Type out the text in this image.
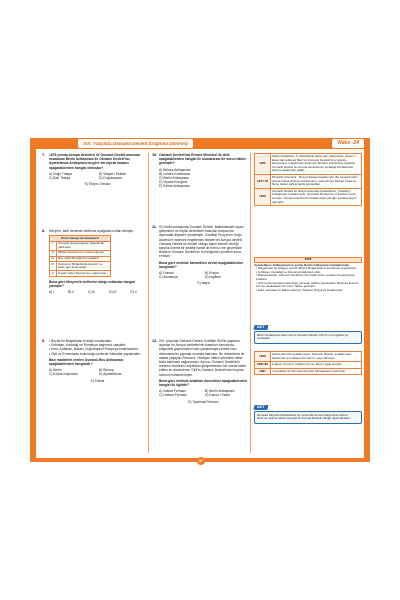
XIX. Yüzyılda Osmanlı Devleti (Dağılma Dönemi)	Video -24
7. 1878 yılında Avrupa devletleri ile Osmanlı Devleti arasında imzalanan Berlin Antlaşması ile Osmanlı Devleti'nin, Ayastefanos Antlaşması'na göre tek toprak kazancı aşağıdakilerden hangisi olmuştur?
A) Doğu Trakya	B) Vilayet-i Selâse
C) Batı Trakya	D) Doğubayazıt
E) Elviye-i Selase
8. Meryem, tarih dersinde defterine aşağıdaki notları almıştır.
Kırım Savaşı'nın Nedenleri	
I.	Osmanlı donanmasının Navarin'de yakılması
II.	Mülteci Sorunu'nun ortaya çıkması
III.	Rus elçisi Mençikof'un isteklerİ
IV.	Rusya'nın Boğazlarda kayıtsız ve kalıcı geri alma isteği
V.	Kutsal Yerler Sorunu'nun yaşanması
Buna göre Meryem'in defterine aldığı notlardan hangisi yanlıştır?
A) I	B) II	C) III	D) IV	E) V
9.	• Büyük bir Bulgaristan Krallığı kurulacaktır.
• Sırbistan, Karadağ ve Romanya bağımsız olacaktır.
• Kars, Ardahan, Batum, Doğubayazıt Rusya'ya bırakılacaktır.
• Girit ve Ermenistan bulunduğu yerlerde ıslahatlar yapılacaktır.
Bazı maddeleri verilen Osmanlı-Rus Antlaşması aşağıdakilerden hangisidir?
A) Berlin	B) Bükreş
C) Küçük Kaynarca	D) Ayastefanos
E) Edirne
10. Osmanlı Devleti'nde Ermeni Meselesi ilk defa aşağıdakilerden hangisi ile uluslararası bir sorun hâline gelmiştir?
A) Bükreş Antlaşması
B) Londra Konferansı
C) Berlin Antlaşması
D) Viyana Kongresi
E) Edirne Antlaşması
11. 93 Harbi sonrasında Osmanlı Devleti, Balkanlardaki siyasi gelişmeler ve büyük devletlerin baskıları karşısında diplomatik ilişkilere yönelmiştir. Özellikle Rusya'nın Doğu Akdeniz'e inmesini engellemek isteyen bir Avrupa devleti, Osmanlı Devleti'ne destek olduğu kabul ederek verdiği karşılık önemli bir strateji hamle ile Kıbrıs'ı ele geçirmiştir. Böylece Osmanlı Devleti'nin bu bölgedeki yönetimi sona ermiştir.
Buna göre metinde bahsedilen devlet aşağıdakilerden hangisidir?
A) Fransa	B) Rusya
C) Avusturya	D) İngiltere
E) İtalya
12. XIX. yüzyılda Osmanlı Devleti, özellikle Girit'te yaşanan isyanlar ve Avrupa devletlerinin baskıları karşısında, bölgedeki gayrimüslim halkı yatıştırmaya yönelik bazı düzenlemeler yapmak zorunda kalmıştır. Bu düzenleme ile adada yaşayan Rumlar'a, Hristiyan halkın yönetime daha fazla katılması sağlanmıştır. Ayrıca, Osmanlı Devleti'nin merkezi otoritesini zayıflatan gelişmelerden biri olarak kabul edilen bu düzenleme, Girit'in Osmanlı Devleti'nden kopma sürecini hızlandırmıştır.
Buna göre metinde anlatılan düzenleme aşağıdakilerden hangisi ile ilgilidir?
A) Islahat Fermanı	B) Berlin Antlaşması
C) Halepa Fermanı	D) Kanun-i Esasi
E) Tanzimat Fermanı
1876	Sultan Abdülaziz, II. Abdülhamit tahta çıktı. Meşrutiyet, Kanun-i Esasi ilan edilerek Batı'nın Osmanlı Devleti'nin iç işlerine karışmasını engellemek amacıyla Tersane Konferansı toplandı. Osmanlı Devleti ile Avrupa devletlerinin topladığı konferansta Kanun-i Esasi ilan edildi.
1877-78	93 Harbi (Osmanlı - Rusya Savaşı) başlamıştır. Bu savaşta Gazi Osman Paşa (Plevne Kahramanı), Gazi Ahmet Muhtar Paşa ve Nene Hatun kahramanlık gösterdiler.
1878	Osmanlı Devleti ile Rusya arasında Ayastefanos, (Yeşilköy) Antlaşması imzalanmıştır. (Osmanlı Devleti'nin imzalanan sona ermiştir. Osmanlı Devleti bu antlaşmayla çok ağır şartlara boyun eğmiştir.)
1878
Ayastefanos Antlaşması'nın yerine Berlin Antlaşması imzalanmıştır.
• Bulgaristan üç bölgeye ayrıldı (Büyük Bulgaristan'ın kurulması engellendi).
• Sırbistan, Karadağ ve Romanya bağımsız oldu.
• Bosna-Hersek, Osmanlı Devleti'ne ait olmak üzere yönetimi Avusturya'ya bırakıldı.
• Girit ve Ermenistan bulunduğu yerlerde ıslahat yapılacaktır. Böylece Ermeni sorunu uluslararası bir sorun hâline gelmiştir.
• Kars, Ardahan ve Batum (Elviye-i Selase) Rusya'ya bırakılmıştır.
NOT
Berlin Antlaşması'ndan sonra Osmanlı Devleti, Kıbrıs'ı ve İngiltere'ye verilmiştir.
1878	Girit'te Rum'lar ayaklanmıştır. Osmanlı Devleti, ayaklanmayı bastırmak için Halepa Fermanı'nı yayımlamıştır.
1881-82	Fransa, Tunus'u; İngiltere'nin ise Mısır'ı işgal etmiştir.
1897	Yunanistan ile Dömeke Meydan Muharebesi yapılmıştır.
NOT
Dömeke Meydan Muharebesi'nin sonunda sonucu Meşrutiyet Ahmet Rıza'nın aksine askeri konuda bir Avrupa Devleti olduğu sayılmaktadır.
97
